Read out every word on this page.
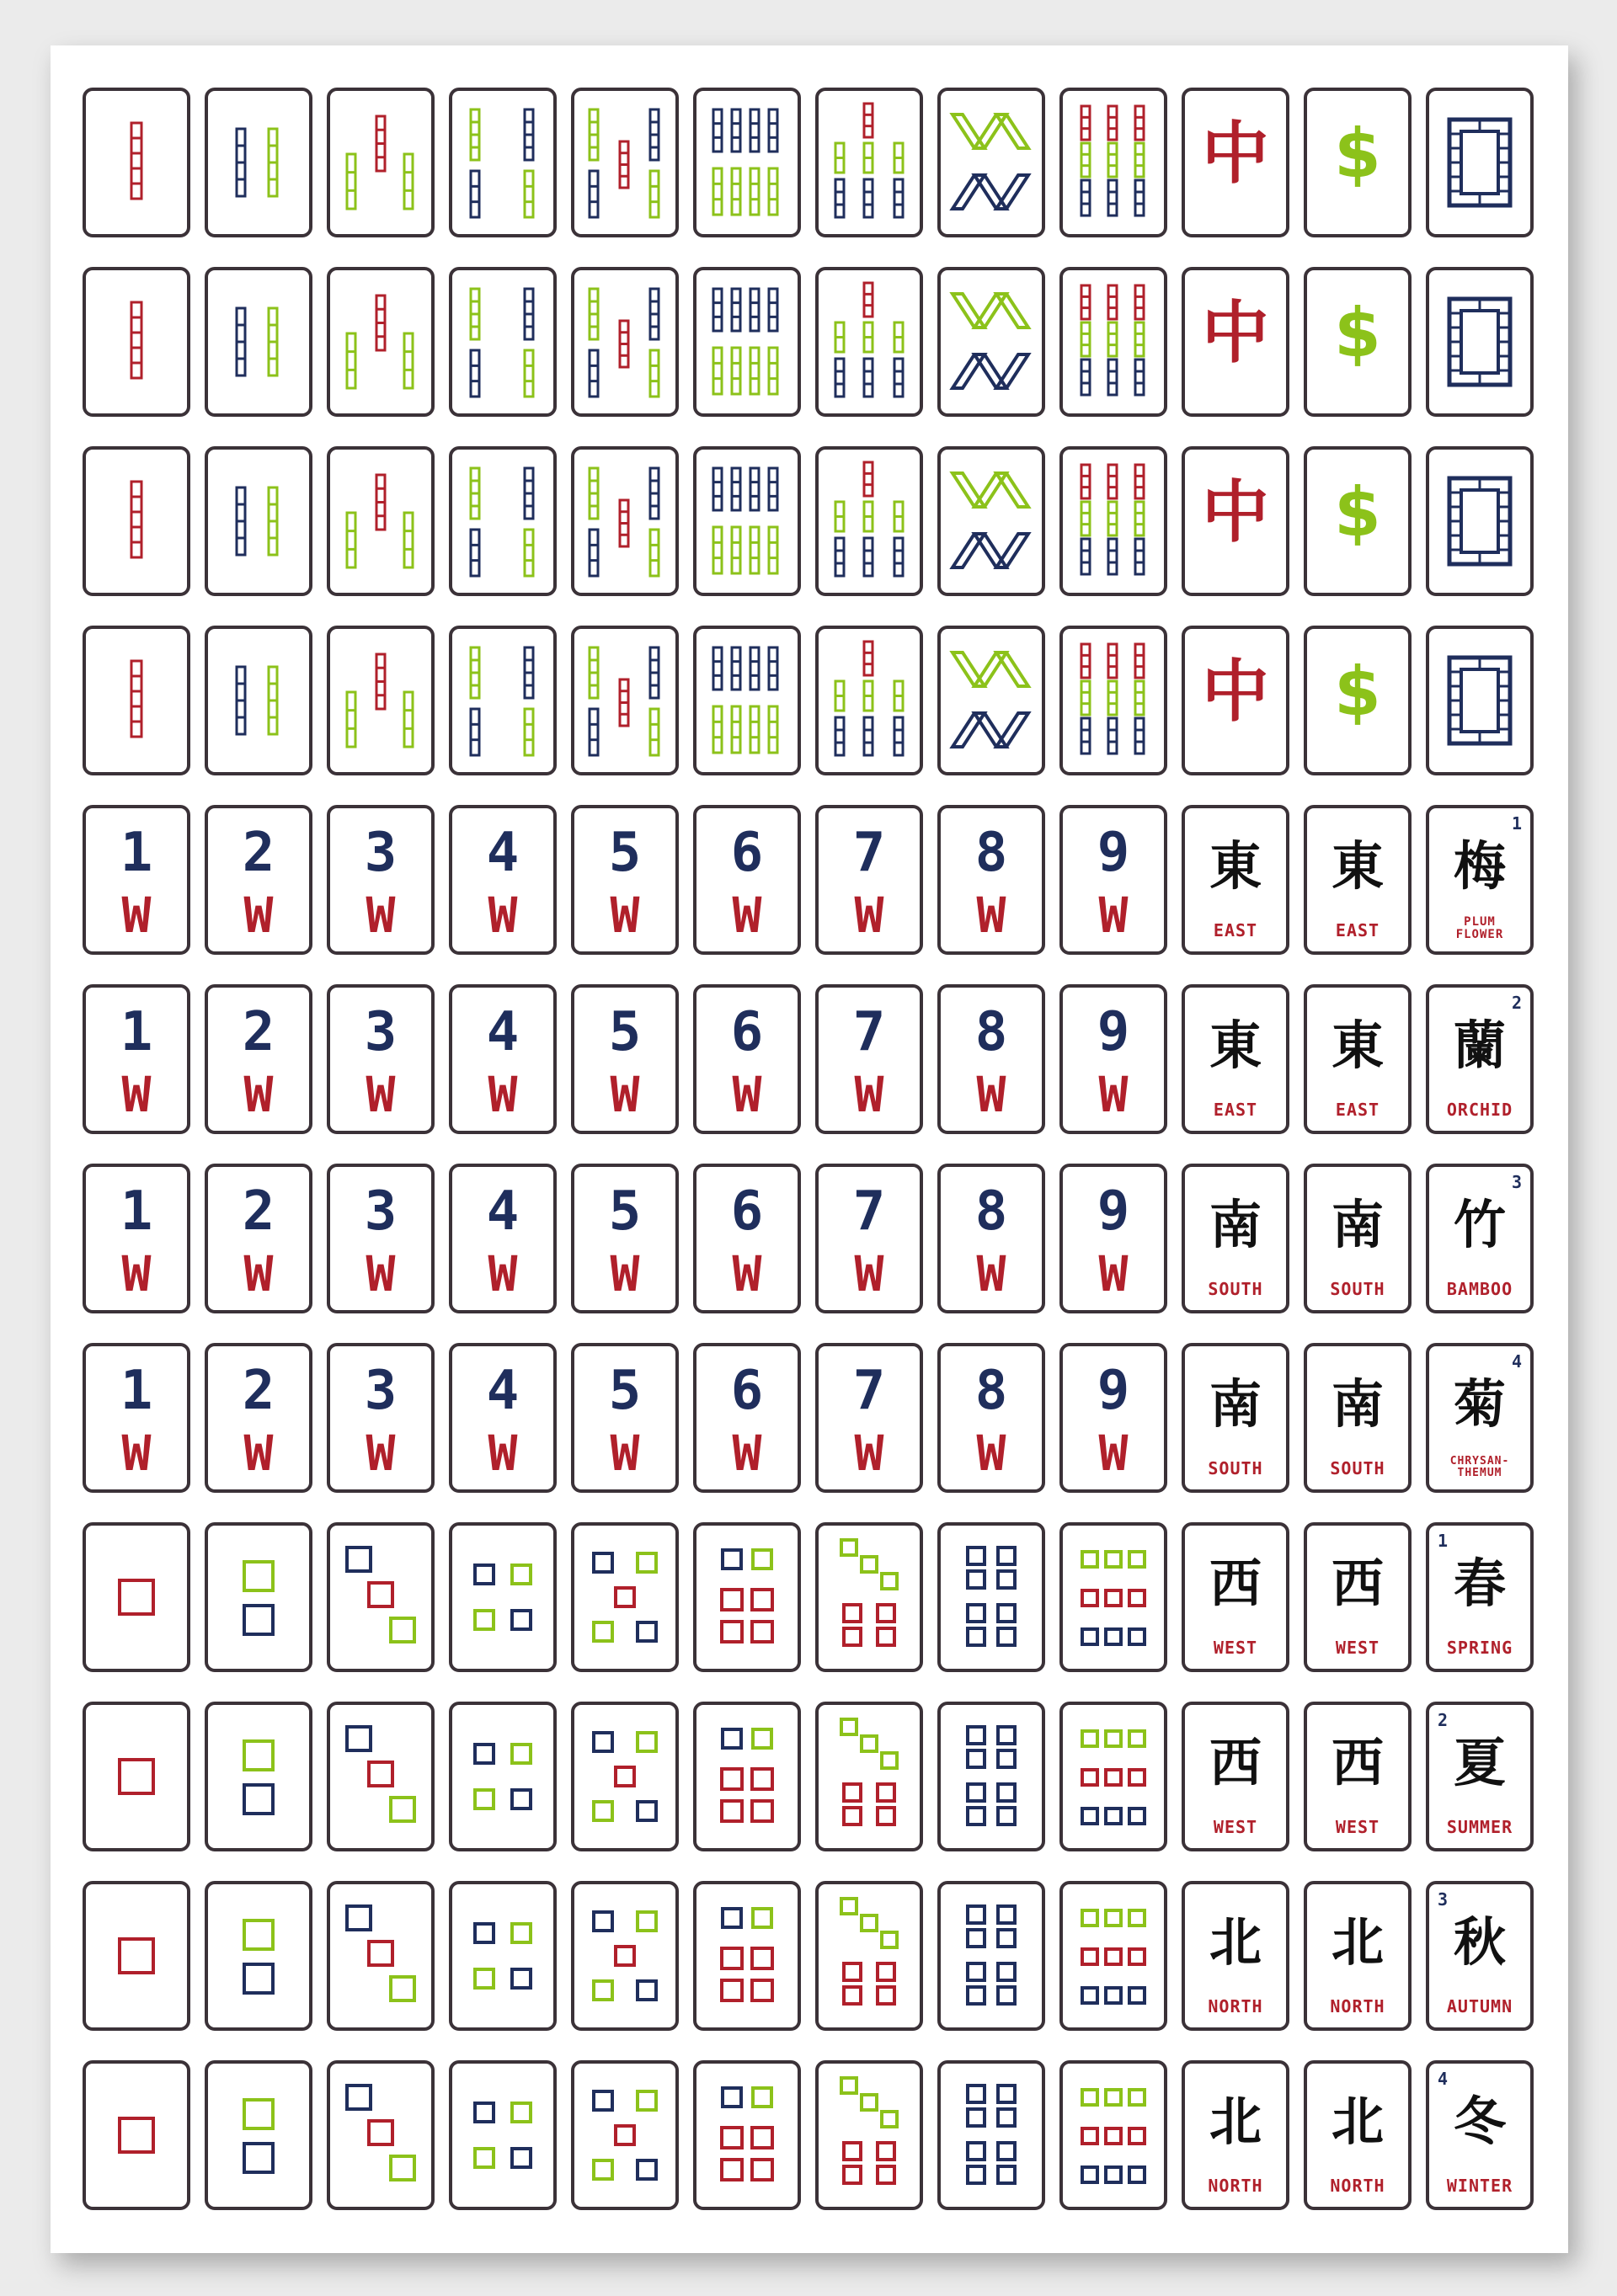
中 $
中 $
中 $
中 $
1
W
2
W
3
W
4
W
5
W
6
W
7
W
8
W
9
W
東
EAST
東
EAST
1
梅
PLUM
FLOWER
1
W
2
W
3
W
4
W
5
W
6
W
7
W
8
W
9
W
東
EAST
東
EAST
2
蘭
ORCHID
1
W
2
W
3
W
4
W
5
W
6
W
7
W
8
W
9
W
南
SOUTH
南
SOUTH
3
竹
BAMBOO
1
W
2
W
3
W
4
W
5
W
6
W
7
W
8
W
9
W
南
SOUTH
南
SOUTH
4
菊
CHRYSAN-
THEMUM
西
WEST
西
WEST
1
春
SPRING
西
WEST
西
WEST
2
夏
SUMMER
北
NORTH
北
NORTH
3
秋
AUTUMN
北
NORTH
北
NORTH
4
冬
WINTER
